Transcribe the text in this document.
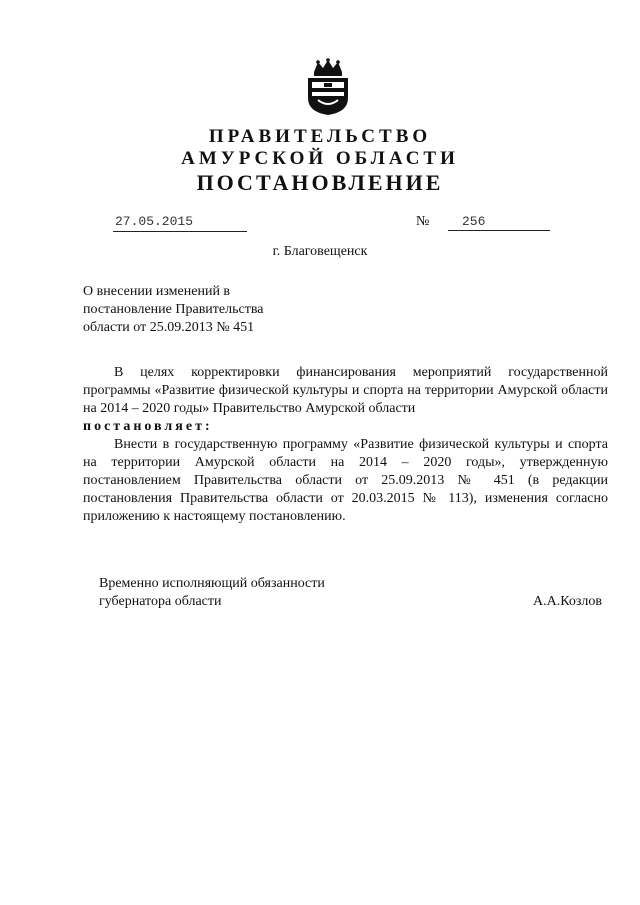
ПРАВИТЕЛЬСТВО
АМУРСКОЙ ОБЛАСТИ
ПОСТАНОВЛЕНИЕ
27.05.2015	№	256
г. Благовещенск
О внесении изменений в
постановление Правительства
области от 25.09.2013 № 451
В целях корректировки финансирования мероприятий государственной программы «Развитие физической культуры и спорта на территории Амурской области на 2014 – 2020 годы» Правительство Амурской области
постановляет:
Внести в государственную программу «Развитие физической культуры и спорта на территории Амурской области на 2014 – 2020 годы», утвержденную постановлением Правительства области от 25.09.2013 № 451 (в редакции постановления Правительства области от 20.03.2015 № 113), изменения согласно приложению к настоящему постановлению.
Временно исполняющий обязанности
губернатора области	А.А.Козлов
